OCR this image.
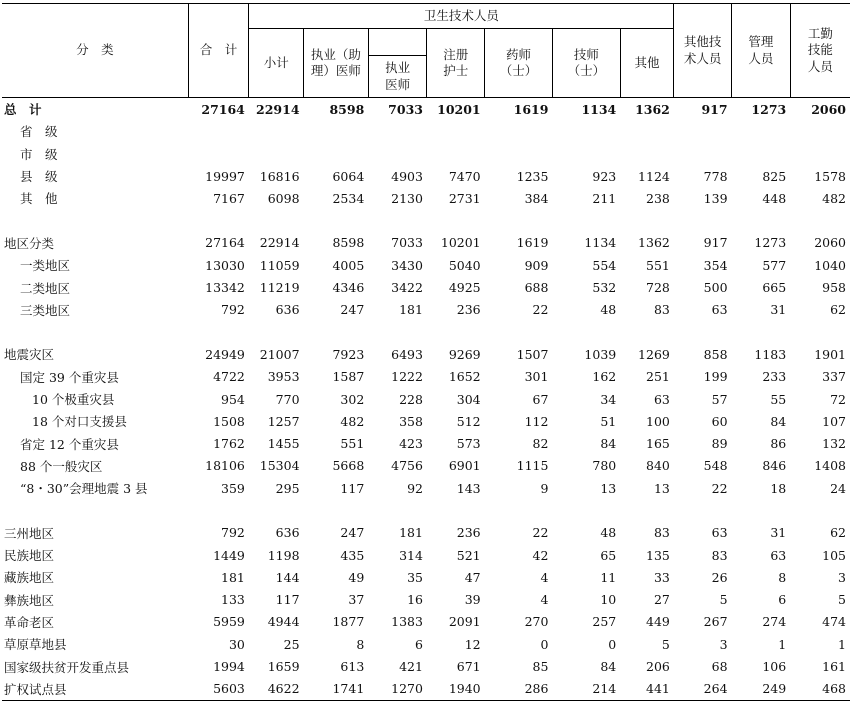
分　类	合　计	卫生技术人员							其他技术人员	管理人员	工勤技能人员

		小计	执业（助理）医师		注册护士	药师（士）	技师（士）	其他			

				执业医师							

总　计	27164	22914	8598	7033	10201	1619	1134	1362	917	1273	2060
省　级											
市　级											
县　级	19997	16816	6064	4903	7470	1235	923	1124	778	825	1578
其　他	7167	6098	2534	2130	2731	384	211	238	139	448	482

地区分类	27164	22914	8598	7033	10201	1619	1134	1362	917	1273	2060
一类地区	13030	11059	4005	3430	5040	909	554	551	354	577	1040
二类地区	13342	11219	4346	3422	4925	688	532	728	500	665	958
三类地区	792	636	247	181	236	22	48	83	63	31	62

地震灾区	24949	21007	7923	6493	9269	1507	1039	1269	858	1183	1901
国定 39 个重灾县	4722	3953	1587	1222	1652	301	162	251	199	233	337
10 个极重灾县	954	770	302	228	304	67	34	63	57	55	72
18 个对口支援县	1508	1257	482	358	512	112	51	100	60	84	107
省定 12 个重灾县	1762	1455	551	423	573	82	84	165	89	86	132
88 个一般灾区	18106	15304	5668	4756	6901	1115	780	840	548	846	1408
“8・30”会理地震 3 县	359	295	117	92	143	9	13	13	22	18	24

三州地区	792	636	247	181	236	22	48	83	63	31	62
民族地区	1449	1198	435	314	521	42	65	135	83	63	105
藏族地区	181	144	49	35	47	4	11	33	26	8	3
彝族地区	133	117	37	16	39	4	10	27	5	6	5
革命老区	5959	4944	1877	1383	2091	270	257	449	267	274	474
草原草地县	30	25	8	6	12	0	0	5	3	1	1
国家级扶贫开发重点县	1994	1659	613	421	671	85	84	206	68	106	161
扩权试点县	5603	4622	1741	1270	1940	286	214	441	264	249	468
